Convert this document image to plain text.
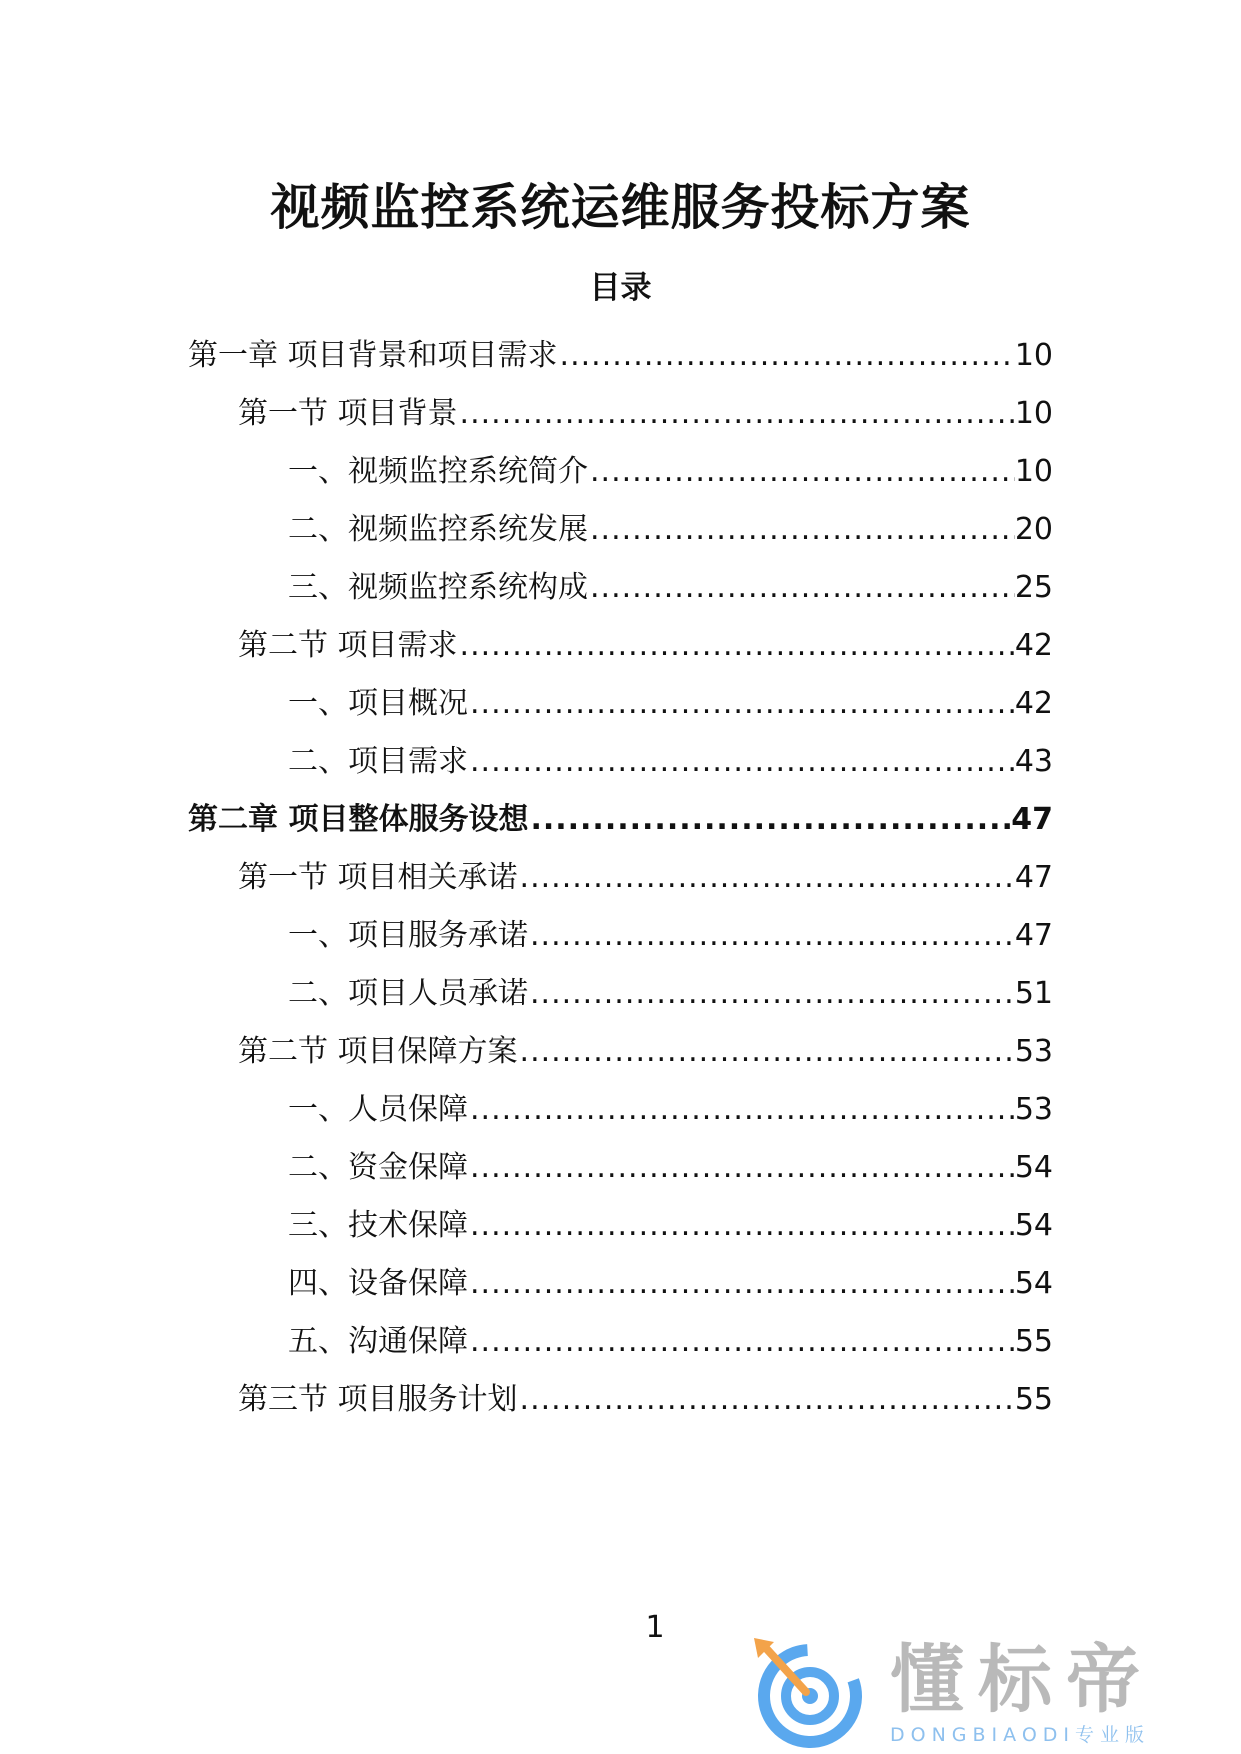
视频监控系统运维服务投标方案
目录
第一章 项目背景和项目需求 .....	10
第一节 项目背景 .....	10
一、视频监控系统简介 .....	10
二、视频监控系统发展 .....	20
三、视频监控系统构成 .....	25
第二节 项目需求 .....	42
一、项目概况 .....	42
二、项目需求 .....	43
第二章 项目整体服务设想 .....	47
第一节 项目相关承诺 .....	47
一、项目服务承诺 .....	47
二、项目人员承诺 .....	51
第二节 项目保障方案 .....	53
一、人员保障 .....	53
二、资金保障 .....	54
三、技术保障 .....	54
四、设备保障 .....	54
五、沟通保障 .....	55
第三节 项目服务计划 .....	55
1
懂标帝
DONGBIAODI专业版
